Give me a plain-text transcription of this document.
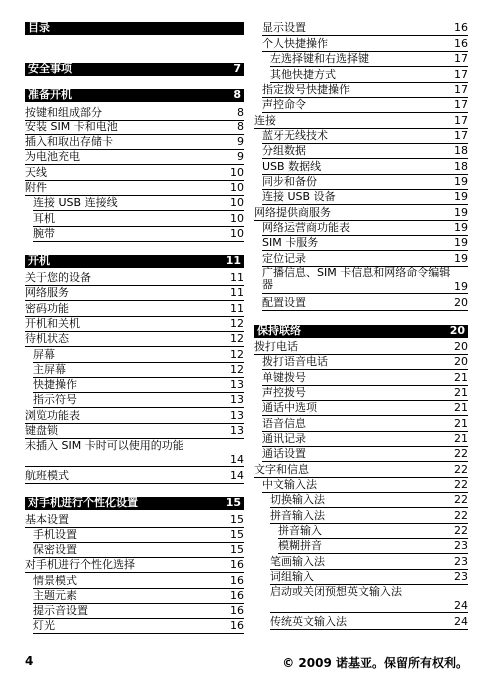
目录
安全事项	7
准备开机	8
按键和组成部分	8
安装 SIM 卡和电池	8
插入和取出存储卡	9
为电池充电	9
天线	10
附件	10
连接 USB 连接线	10
耳机	10
腕带	10
开机	11
关于您的设备	11
网络服务	11
密码功能	11
开机和关机	12
待机状态	12
屏幕	12
主屏幕	12
快捷操作	13
指示符号	13
浏览功能表	13
键盘锁	13
未插入 SIM 卡时可以使用的功能
14
航班模式	14
对手机进行个性化设置	15
基本设置	15
手机设置	15
保密设置	15
对手机进行个性化选择	16
情景模式	16
主题元素	16
提示音设置	16
灯光	16
显示设置	16
个人快捷操作	16
左选择键和右选择键	17
其他快捷方式	17
指定拨号快捷操作	17
声控命令	17
连接	17
蓝牙无线技术	17
分组数据	18
USB 数据线	18
同步和备份	19
连接 USB 设备	19
网络提供商服务	19
网络运营商功能表	19
SIM 卡服务	19
定位记录	19
广播信息、SIM 卡信息和网络命令编辑器	19
配置设置	20
保持联络	20
拨打电话	20
拨打语音电话	20
单键拨号	21
声控拨号	21
通话中选项	21
语音信息	21
通讯记录	21
通话设置	22
文字和信息	22
中文输入法	22
切换输入法	22
拼音输入法	22
拼音输入	22
模糊拼音	23
笔画输入法	23
词组输入	23
启动或关闭预想英文输入法
24
传统英文输入法	24
4	© 2009 诺基亚。保留所有权利。
